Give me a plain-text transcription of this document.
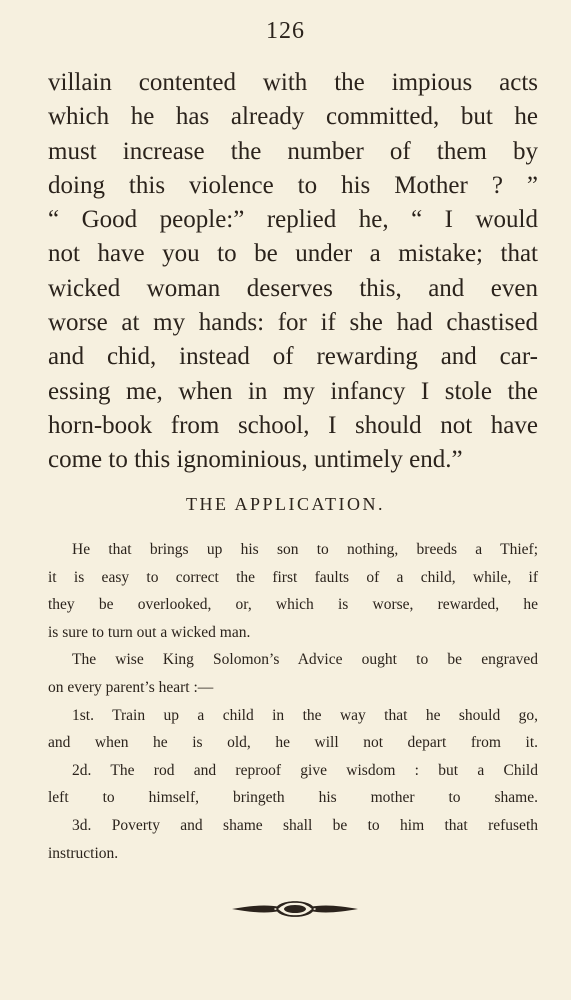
126
villain contented with the impious acts
which he has already committed, but he
must increase the number of them by
doing this violence to his Mother ? ”
“ Good people:” replied he, “ I would
not have you to be under a mistake; that
wicked woman deserves this, and even
worse at my hands: for if she had chastised
and chid, instead of rewarding and car-
essing me, when in my infancy I stole the
horn-book from school, I should not have
come to this ignominious, untimely end.”
THE APPLICATION.
He that brings up his son to nothing, breeds a Thief;
it is easy to correct the first faults of a child, while, if
they be overlooked, or, which is worse, rewarded, he
is sure to turn out a wicked man.
The wise King Solomon’s Advice ought to be engraved
on every parent’s heart :—
1st. Train up a child in the way that he should go,
and when he is old, he will not depart from it.
2d. The rod and reproof give wisdom : but a Child
left to himself, bringeth his mother to shame.
3d. Poverty and shame shall be to him that refuseth
instruction.
